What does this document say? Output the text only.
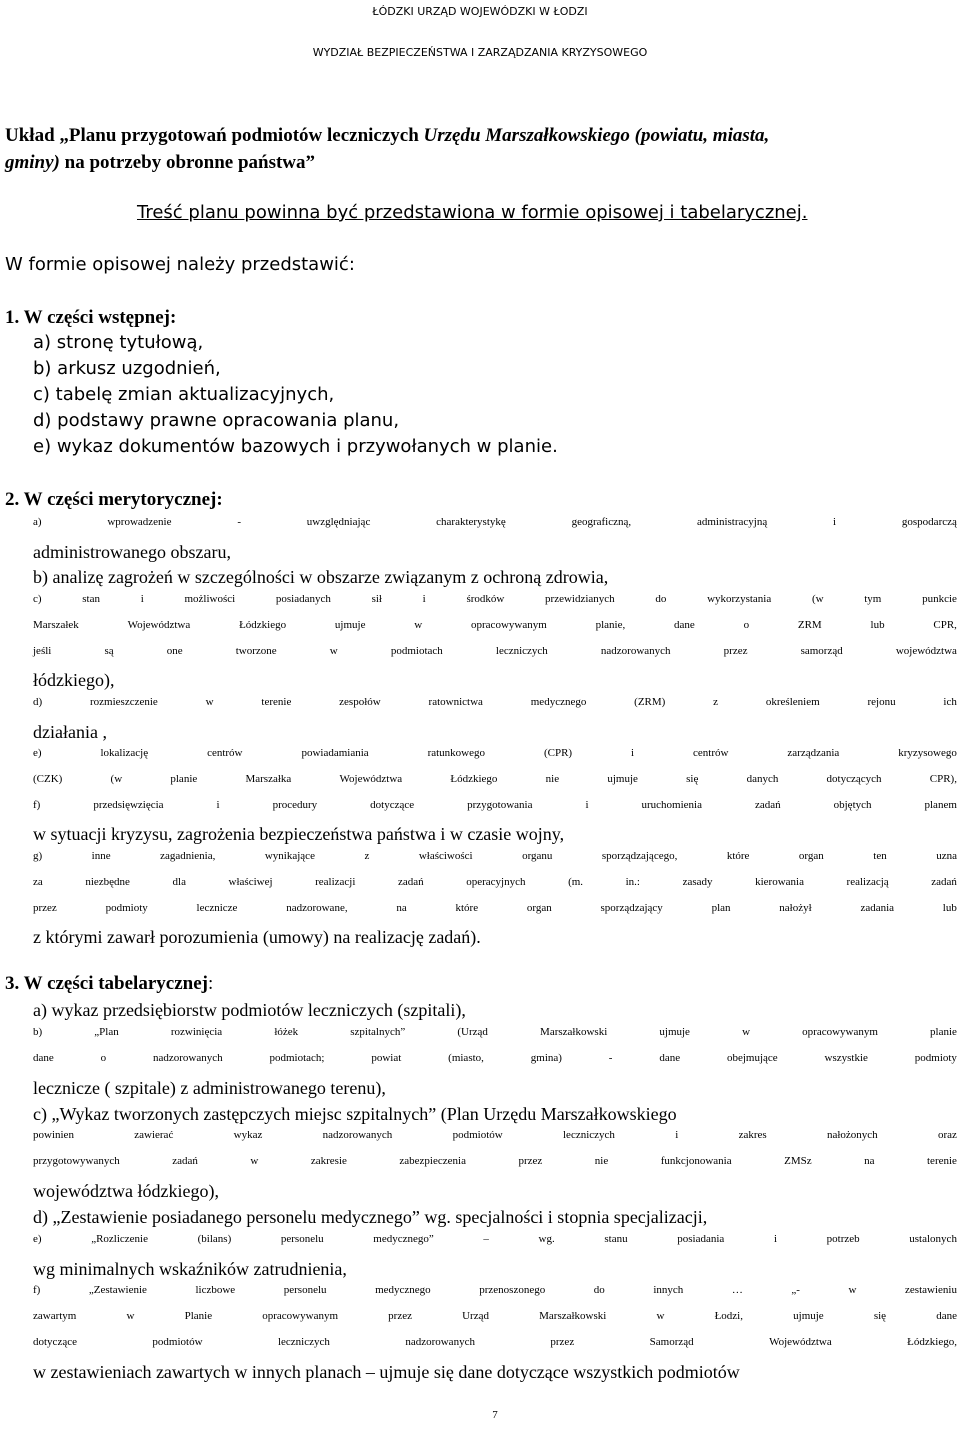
ŁÓDZKI URZĄD WOJEWÓDZKI W ŁODZI
WYDZIAŁ BEZPIECZEŃSTWA I ZARZĄDZANIA KRYZYSOWEGO
Układ „Planu przygotowań podmiotów leczniczych Urzędu Marszałkowskiego (powiatu, miasta,
gminy) na potrzeby obronne państwa”
Treść planu powinna być przedstawiona w formie opisowej i tabelarycznej.
W formie opisowej należy przedstawić:
1. W części wstępnej:
a) stronę tytułową,
b) arkusz uzgodnień,
c) tabelę zmian aktualizacyjnych,
d) podstawy prawne opracowania planu,
e) wykaz dokumentów bazowych i przywołanych w planie.
2. W części merytorycznej:
a)	wprowadzenie	-	uwzględniając	charakterystykę	geograficzną,	administracyjną	i	gospodarczą
administrowanego obszaru,
b) analizę zagrożeń w szczególności w obszarze związanym z ochroną zdrowia,
c)	stan	i	możliwości	posiadanych	sił	i	środków	przewidzianych	do	wykorzystania	(w	tym	punkcie
Marszałek	Województwa	Łódzkiego	ujmuje	w	opracowywanym	planie,	dane	o	ZRM	lub	CPR,
jeśli	są	one	tworzone	w	podmiotach	leczniczych	nadzorowanych	przez	samorząd	województwa
łódzkiego),
d)	rozmieszczenie	w	terenie	zespołów	ratownictwa	medycznego	(ZRM)	z	określeniem	rejonu	ich
działania ,
e)	lokalizację	centrów	powiadamiania	ratunkowego	(CPR)	i	centrów	zarządzania	kryzysowego
(CZK)	(w	planie	Marszałka	Województwa	Łódzkiego	nie	ujmuje	się	danych	dotyczących	CPR),
f)	przedsięwzięcia	i	procedury	dotyczące	przygotowania	i	uruchomienia	zadań	objętych	planem
w sytuacji kryzysu, zagrożenia bezpieczeństwa państwa i w czasie wojny,
g)	inne	zagadnienia,	wynikające	z	właściwości	organu	sporządzającego,	które	organ	ten	uzna
za	niezbędne	dla	właściwej	realizacji	zadań	operacyjnych	(m.	in.:	zasady	kierowania	realizacją	zadań
przez	podmioty	lecznicze	nadzorowane,	na	które	organ	sporządzający	plan	nałożył	zadania	lub
z którymi zawarł porozumienia (umowy) na realizację zadań).
3. W części tabelarycznej:
a) wykaz przedsiębiorstw podmiotów leczniczych (szpitali),
b)	„Plan	rozwinięcia	łóżek	szpitalnych”	(Urząd	Marszałkowski	ujmuje	w	opracowywanym	planie
dane	o	nadzorowanych	podmiotach;	powiat	(miasto,	gmina)	-	dane	obejmujące	wszystkie	podmioty
lecznicze ( szpitale) z administrowanego terenu),
c) „Wykaz tworzonych zastępczych miejsc szpitalnych” (Plan Urzędu Marszałkowskiego
powinien	zawierać	wykaz	nadzorowanych	podmiotów	leczniczych	i	zakres	nałożonych	oraz
przygotowywanych	zadań	w	zakresie	zabezpieczenia	przez	nie	funkcjonowania	ZMSz	na	terenie
województwa łódzkiego),
d) „Zestawienie posiadanego personelu medycznego” wg. specjalności i stopnia specjalizacji,
e)	„Rozliczenie	(bilans)	personelu	medycznego”	–	wg.	stanu	posiadania	i	potrzeb	ustalonych
wg minimalnych wskaźników zatrudnienia,
f)	„Zestawienie	liczbowe	personelu	medycznego	przenoszonego	do	innych	…	„-	w	zestawieniu
zawartym	w	Planie	opracowywanym	przez	Urząd	Marszałkowski	w	Łodzi,	ujmuje	się	dane
dotyczące	podmiotów	leczniczych	nadzorowanych	przez	Samorząd	Województwa	Łódzkiego,
w zestawieniach zawartych w innych planach – ujmuje się dane dotyczące wszystkich podmiotów
7
